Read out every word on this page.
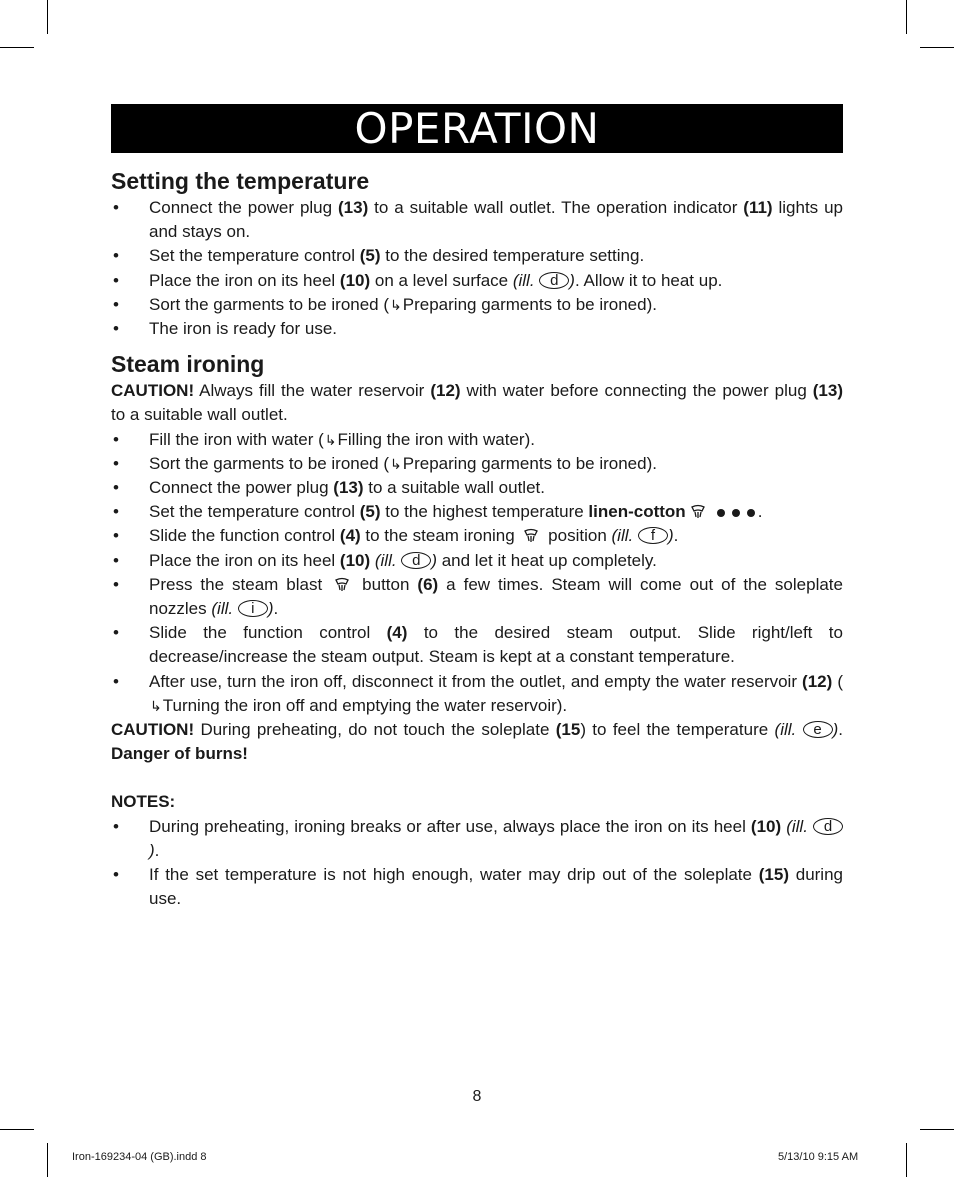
OPERATION
Setting the temperature
• Connect the power plug (13) to a suitable wall outlet. The operation indicator (11) lights up and stays on.
• Set the temperature control (5) to the desired temperature setting.
• Place the iron on its heel (10) on a level surface (ill. d ). Allow it to heat up.
• Sort the garments to be ironed (↳Preparing garments to be ironed).
• The iron is ready for use.
Steam ironing

CAUTION! Always fill the water reservoir (12) with water before connecting the power plug (13) to a suitable wall outlet.

• Fill the iron with water (↳Filling the iron with water).
• Sort the garments to be ironed (↳Preparing garments to be ironed).
• Connect the power plug (13) to a suitable wall outlet.
• Set the temperature control (5) to the highest temperature linen-cotton	.
• Slide the function control (4) to the steam ironing  position (ill. f ).
• Place the iron on its heel (10) (ill. d ) and let it heat up completely.
• Press the steam blast  button (6) a few times. Steam will come out of the soleplate nozzles (ill. i ).
• Slide the function control (4) to the desired steam output. Slide right/left to decrease/increase the steam output. Steam is kept at a constant temperature.
• After use, turn the iron off, disconnect it from the outlet, and empty the water reservoir (12) (↳Turning the iron off and emptying the water reservoir).

CAUTION! During preheating, do not touch the soleplate (15) to feel the temperature (ill. e ). Danger of burns!

NOTES:

• During preheating, ironing breaks or after use, always place the iron on its heel (10) (ill. d).
• If the set temperature is not high enough, water may drip out of the soleplate (15) during use.
8
Iron-169234-04 (GB).indd 8	5/13/10 9:15 AM
